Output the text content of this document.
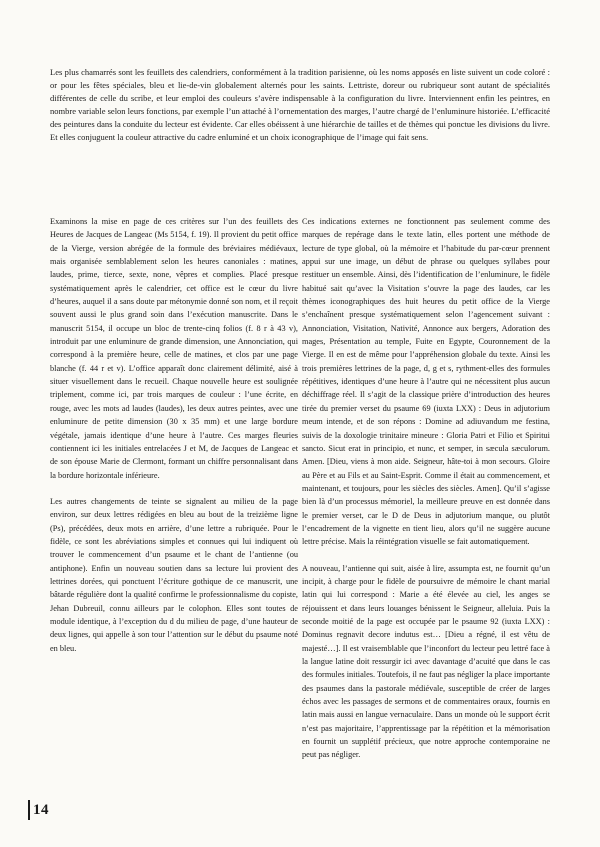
Les plus chamarrés sont les feuillets des calendriers, conformément à la tradition parisienne, où les noms apposés en liste suivent un code coloré : or pour les fêtes spéciales, bleu et lie-de-vin globalement alternés pour les saints. Lettriste, doreur ou rubriqueur sont autant de spécialités différentes de celle du scribe, et leur emploi des couleurs s’avère indispensable à la configuration du livre. Interviennent enfin les peintres, en nombre variable selon leurs fonctions, par exemple l’un attaché à l’ornementation des marges, l’autre chargé de l’enluminure historiée. L’efficacité des peintures dans la conduite du lecteur est évidente. Car elles obéissent à une hiérarchie de tailles et de thèmes qui ponctue les divisions du livre. Et elles conjuguent la couleur attractive du cadre enluminé et un choix iconographique de l’image qui fait sens.

Examinons la mise en page de ces critères sur l’un des feuillets des Heures de Jacques de Langeac (Ms 5154, f. 19). Il provient du petit office de la Vierge, version abrégée de la formule des bréviaires médiévaux, mais organisée semblablement selon les heures canoniales : matines, laudes, prime, tierce, sexte, none, vêpres et complies. Placé presque systématiquement après le calendrier, cet office est le cœur du livre d’heures, auquel il a sans doute par métonymie donné son nom, et il reçoit souvent aussi le plus grand soin dans l’exécution manuscrite. Dans le manuscrit 5154, il occupe un bloc de trente-cinq folios (f. 8 r à 43 v), introduit par une enluminure de grande dimension, une Annonciation, qui correspond à la première heure, celle de matines, et clos par une page blanche (f. 44 r et v). L’office apparaît donc clairement délimité, aisé à situer visuellement dans le recueil. Chaque nouvelle heure est soulignée triplement, comme ici, par trois marques de couleur : l’une écrite, en rouge, avec les mots ad laudes (laudes), les deux autres peintes, avec une enluminure de petite dimension (30 x 35 mm) et une large bordure végétale, jamais identique d’une heure à l’autre. Ces marges fleuries contiennent ici les initiales entrelacées J et M, de Jacques de Langeac et de son épouse Marie de Clermont, formant un chiffre personnalisant dans la bordure horizontale inférieure.

Les autres changements de teinte se signalent au milieu de la page environ, sur deux lettres rédigées en bleu au bout de la treizième ligne (Ps), précédées, deux mots en arrière, d’une lettre a rubriquée. Pour le fidèle, ce sont les abréviations simples et connues qui lui indiquent où trouver le commencement d’un psaume et le chant de l’antienne (ou antiphone). Enfin un nouveau soutien dans sa lecture lui provient des lettrines dorées, qui ponctuent l’écriture gothique de ce manuscrit, une bâtarde régulière dont la qualité confirme le professionnalisme du copiste, Jehan Dubreuil, connu ailleurs par le colophon. Elles sont toutes de module identique, à l’exception du d du milieu de page, d’une hauteur de deux lignes, qui appelle à son tour l’attention sur le début du psaume noté en bleu.

Ces indications externes ne fonctionnent pas seulement comme des marques de repérage dans le texte latin, elles portent une méthode de lecture de type global, où la mémoire et l’habitude du par-cœur prennent appui sur une image, un début de phrase ou quelques syllabes pour restituer un ensemble. Ainsi, dès l’identification de l’enluminure, le fidèle habitué sait qu’avec la Visitation s’ouvre la page des laudes, car les thèmes iconographiques des huit heures du petit office de la Vierge s’enchaînent presque systématiquement selon l’agencement suivant : Annonciation, Visitation, Nativité, Annonce aux bergers, Adoration des mages, Présentation au temple, Fuite en Egypte, Couronnement de la Vierge. Il en est de même pour l’appréhension globale du texte. Ainsi les trois premières lettrines de la page, d, g et s, rythment-elles des formules répétitives, identiques d’une heure à l’autre qui ne nécessitent plus aucun déchiffrage réel. Il s’agit de la classique prière d’introduction des heures tirée du premier verset du psaume 69 (iuxta LXX) : Deus in adjutorium meum intende, et de son répons : Domine ad adiuvandum me festina, suivis de la doxologie trinitaire mineure : Gloria Patri et Filio et Spiritui sancto. Sicut erat in principio, et nunc, et semper, in sæcula sæculorum. Amen. [Dieu, viens à mon aide. Seigneur, hâte-toi à mon secours. Gloire au Père et au Fils et au Saint-Esprit. Comme il était au commencement, et maintenant, et toujours, pour les siècles des siècles. Amen]. Qu’il s’agisse bien là d’un processus mémoriel, la meilleure preuve en est donnée dans le premier verset, car le D de Deus in adjutorium manque, ou plutôt l’encadrement de la vignette en tient lieu, alors qu’il ne suggère aucune lettre précise. Mais la réintégration visuelle se fait automatiquement.

A nouveau, l’antienne qui suit, aisée à lire, assumpta est, ne fournit qu’un incipit, à charge pour le fidèle de poursuivre de mémoire le chant marial latin qui lui correspond : Marie a été élevée au ciel, les anges se réjouissent et dans leurs louanges bénissent le Seigneur, alleluia. Puis la seconde moitié de la page est occupée par le psaume 92 (iuxta LXX) : Dominus regnavit decore indutus est… [Dieu a régné, il est vêtu de majesté…]. Il est vraisemblable que l’inconfort du lecteur peu lettré face à la langue latine doit ressurgir ici avec davantage d’acuité que dans le cas des formules initiales. Toutefois, il ne faut pas négliger la place importante des psaumes dans la pastorale médiévale, susceptible de créer de larges échos avec les passages de sermons et de commentaires oraux, fournis en latin mais aussi en langue vernaculaire. Dans un monde où le support écrit n’est pas majoritaire, l’apprentissage par la répétition et la mémorisation en fournit un supplétif précieux, que notre approche contemporaine ne peut pas négliger.

14
